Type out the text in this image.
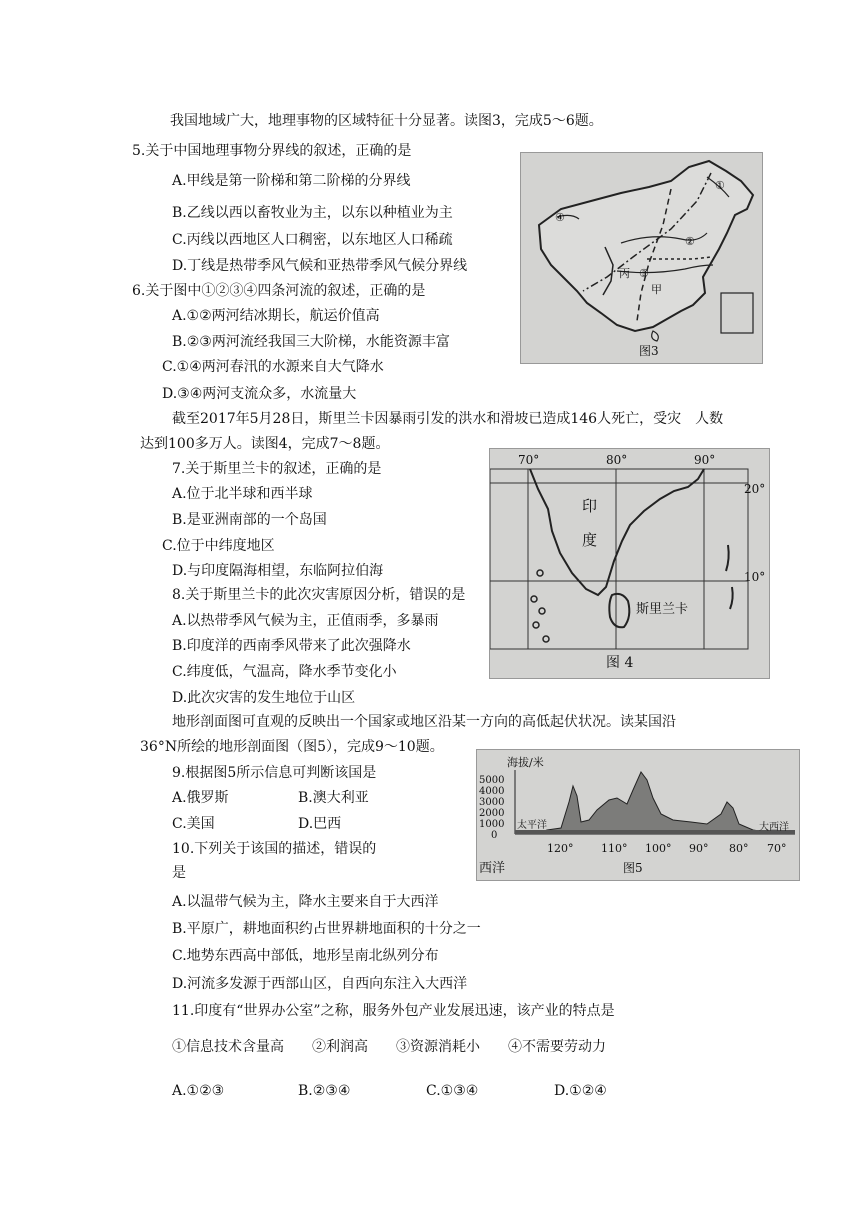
我国地域广大，地理事物的区域特征十分显著。读图3，完成5～6题。
5.关于中国地理事物分界线的叙述，正确的是
A.甲线是第一阶梯和第二阶梯的分界线
B.乙线以西以畜牧业为主，以东以种植业为主
C.丙线以西地区人口稠密，以东地区人口稀疏
D.丁线是热带季风气候和亚热带季风气候分界线
6.关于图中①②③④四条河流的叙述，正确的是
A.①②两河结冰期长，航运价值高
B.②③两河流经我国三大阶梯，水能资源丰富
C.①④两河春汛的水源来自大气降水
D.③④两河支流众多，水流量大
截至2017年5月28日，斯里兰卡因暴雨引发的洪水和滑坡已造成146人死亡，受灾　人数
达到100多万人。读图4，完成7～8题。
7.关于斯里兰卡的叙述，正确的是
A.位于北半球和西半球
B.是亚洲南部的一个岛国
C.位于中纬度地区
D.与印度隔海相望，东临阿拉伯海
8.关于斯里兰卡的此次灾害原因分析，错误的是
A.以热带季风气候为主，正值雨季，多暴雨
B.印度洋的西南季风带来了此次强降水
C.纬度低，气温高，降水季节变化小
D.此次灾害的发生地位于山区
地形剖面图可直观的反映出一个国家或地区沿某一方向的高低起伏状况。读某国沿
36°N所绘的地形剖面图（图5），完成9～10题。
9.根据图5所示信息可判断该国是
A.俄罗斯	B.澳大利亚
C.美国	D.巴西
10.下列关于该国的描述，错误的
是
A.以温带气候为主，降水主要来自于大西洋
B.平原广，耕地面积约占世界耕地面积的十分之一
C.地势东西高中部低，地形呈南北纵列分布
D.河流多发源于西部山区，自西向东注入大西洋
11.印度有“世界办公室”之称，服务外包产业发展迅速，该产业的特点是
①信息技术含量高　　②利润高　　③资源消耗小　　④不需要劳动力
A.①②③	B.②③④	C.①③④	D.①②④
①
②
③
④
甲
丙
图3
70°	80°	90°
20°
10°
印
度
斯里兰卡
图 4
海拔/米
5000
4000
3000
2000
1000
0
太平洋	大西洋
120°	110° 100° 90° 80° 70°
西洋	图5
